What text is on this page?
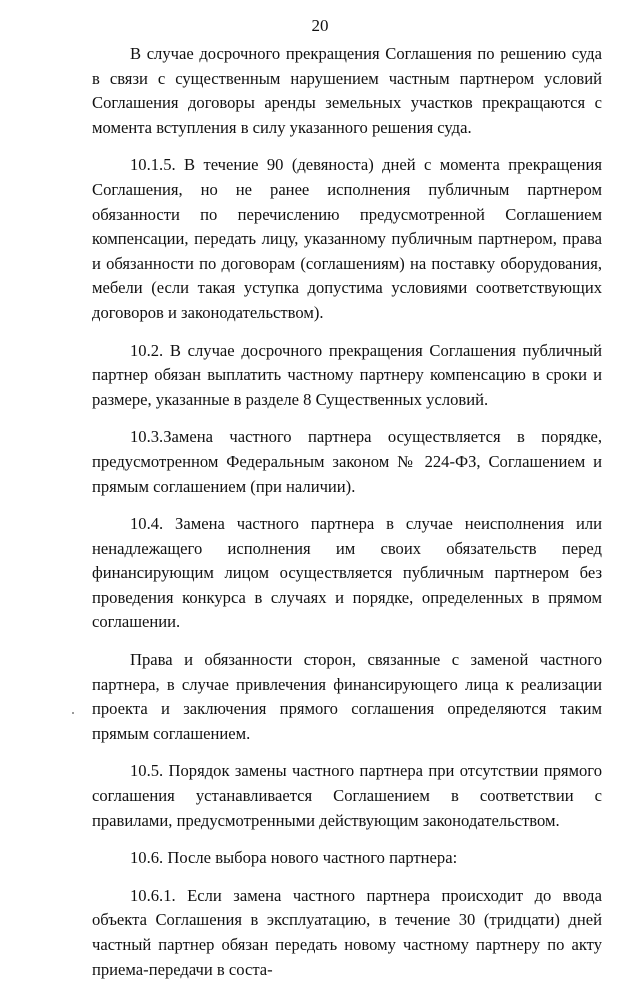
20

В случае досрочного прекращения Соглашения по решению суда в связи с существенным нарушением частным партнером условий Соглашения договоры аренды земельных участков прекращаются с момента вступления в силу указанного решения суда.

10.1.5. В течение 90 (девяноста) дней с момента прекращения Соглашения, но не ранее исполнения публичным партнером обязанности по перечислению предусмотренной Соглашением компенсации, передать лицу, указанному публичным партнером, права и обязанности по договорам (соглашениям) на поставку оборудования, мебели (если такая уступка допустима условиями соответствующих договоров и законодательством).

10.2. В случае досрочного прекращения Соглашения публичный партнер обязан выплатить частному партнеру компенсацию в сроки и размере, указанные в разделе 8 Существенных условий.

10.3.Замена частного партнера осуществляется в порядке, предусмотренном Федеральным законом № 224-ФЗ, Соглашением и прямым соглашением (при наличии).

10.4. Замена частного партнера в случае неисполнения или ненадлежащего исполнения им своих обязательств перед финансирующим лицом осуществляется публичным партнером без проведения конкурса в случаях и порядке, определенных в прямом соглашении.

Права и обязанности сторон, связанные с заменой частного партнера, в случае привлечения финансирующего лица к реализации проекта и заключения прямого соглашения определяются таким прямым соглашением.

10.5. Порядок замены частного партнера при отсутствии прямого соглашения устанавливается Соглашением в соответствии с правилами, предусмотренными действующим законодательством.

10.6. После выбора нового частного партнера:

10.6.1. Если замена частного партнера происходит до ввода объекта Соглашения в эксплуатацию, в течение 30 (тридцати) дней частный партнер обязан передать новому частному партнеру по акту приема-передачи в соста-
